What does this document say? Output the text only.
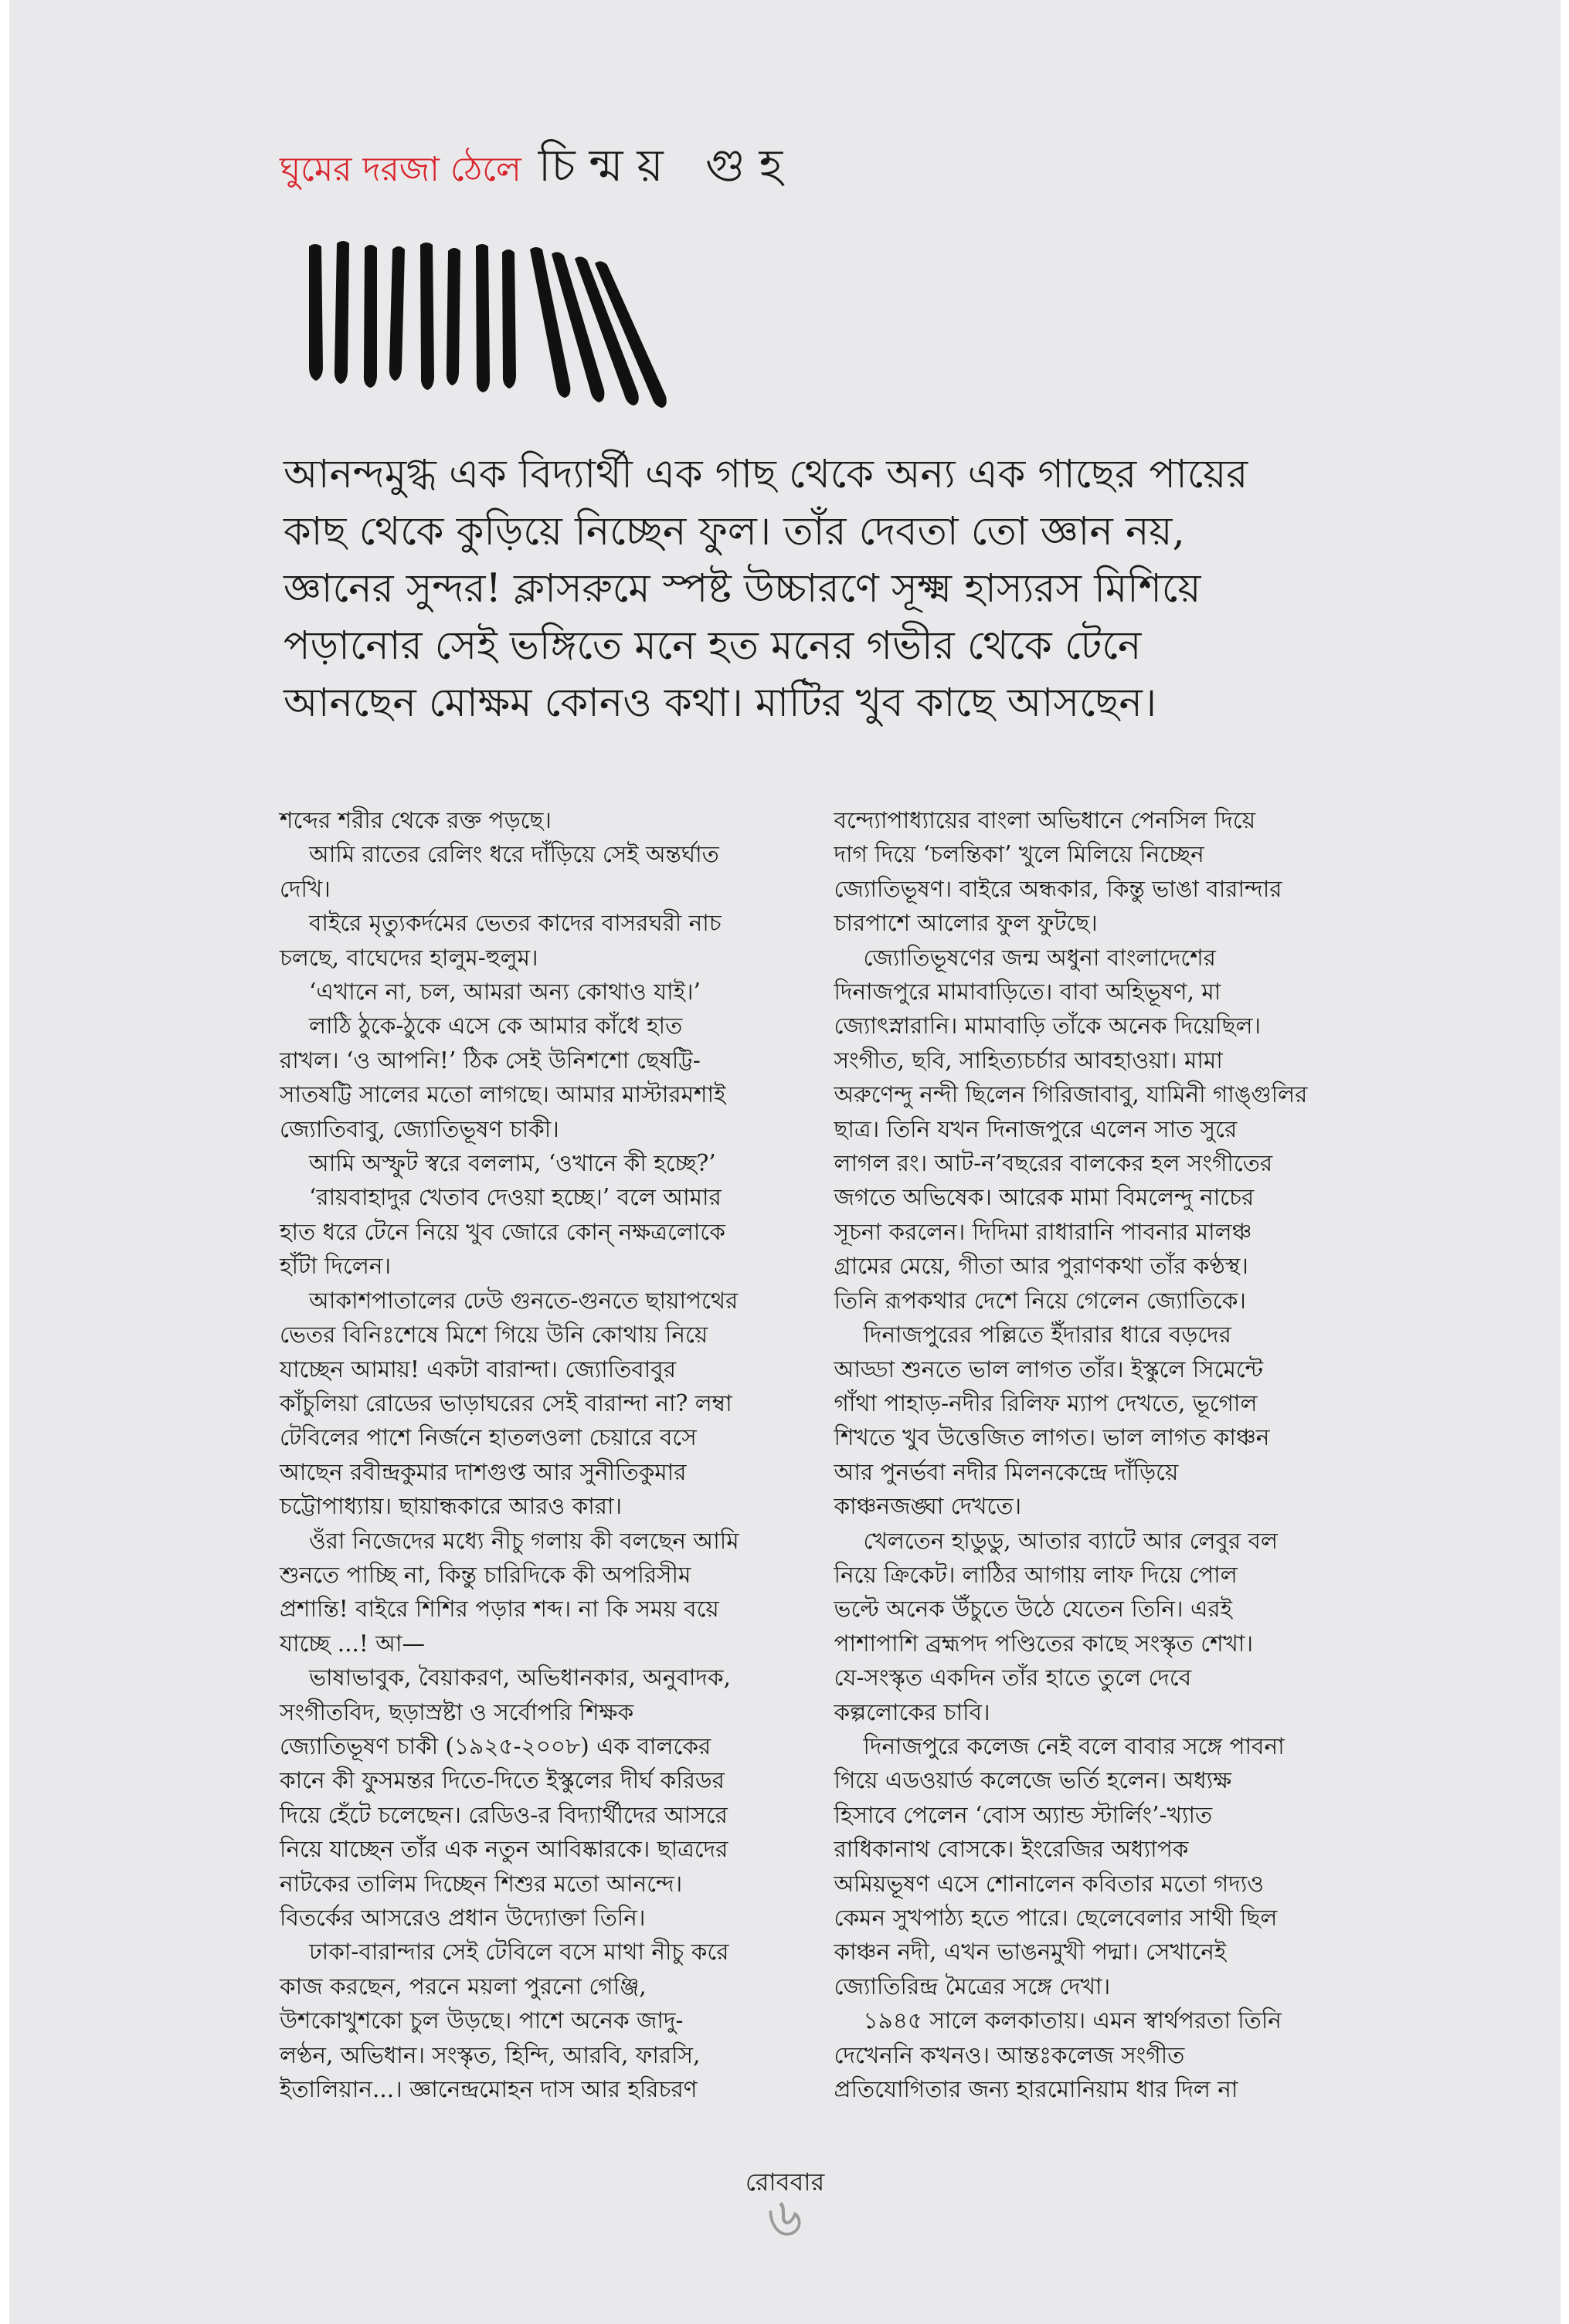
ঘুমের দরজা ঠেলে চিন্ময় গুহ

আনন্দমুগ্ধ এক বিদ্যার্থী এক গাছ থেকে অন্য এক গাছের পায়ের

কাছ থেকে কুড়িয়ে নিচ্ছেন ফুল। তাঁর দেবতা তো জ্ঞান নয়,

জ্ঞানের সুন্দর! ক্লাসরুমে স্পষ্ট উচ্চারণে সূক্ষ্ম হাস্যরস মিশিয়ে

পড়ানোর সেই ভঙ্গিতে মনে হত মনের গভীর থেকে টেনে

আনছেন মোক্ষম কোনও কথা। মাটির খুব কাছে আসছেন।

শব্দের শরীর থেকে রক্ত পড়ছে।

আমি রাতের রেলিং ধরে দাঁড়িয়ে সেই অন্তর্ঘাত

দেখি।

বাইরে মৃত্যুকর্দমের ভেতর কাদের বাসরঘরী নাচ

চলছে, বাঘেদের হালুম-হুলুম।

‘এখানে না, চল, আমরা অন্য কোথাও যাই।’

লাঠি ঠুকে-ঠুকে এসে কে আমার কাঁধে হাত

রাখল। ‘ও আপনি!’ ঠিক সেই উনিশশো ছেষট্টি-

সাতষট্টি সালের মতো লাগছে। আমার মাস্টারমশাই

জ্যোতিবাবু, জ্যোতিভূষণ চাকী।

আমি অস্ফুট স্বরে বললাম, ‘ওখানে কী হচ্ছে?’

‘রায়বাহাদুর খেতাব দেওয়া হচ্ছে।’ বলে আমার

হাত ধরে টেনে নিয়ে খুব জোরে কোন্ নক্ষত্রলোকে

হাঁটা দিলেন।

আকাশপাতালের ঢেউ গুনতে-গুনতে ছায়াপথের

ভেতর বিনিঃশেষে মিশে গিয়ে উনি কোথায় নিয়ে

যাচ্ছেন আমায়! একটা বারান্দা। জ্যোতিবাবুর

কাঁচুলিয়া রোডের ভাড়াঘরের সেই বারান্দা না? লম্বা

টেবিলের পাশে নির্জনে হাতলওলা চেয়ারে বসে

আছেন রবীন্দ্রকুমার দাশগুপ্ত আর সুনীতিকুমার

চট্টোপাধ্যায়। ছায়ান্ধকারে আরও কারা।

ওঁরা নিজেদের মধ্যে নীচু গলায় কী বলছেন আমি

শুনতে পাচ্ছি না, কিন্তু চারিদিকে কী অপরিসীম

প্রশান্তি! বাইরে শিশির পড়ার শব্দ। না কি সময় বয়ে

যাচ্ছে ...! আ—

ভাষাভাবুক, বৈয়াকরণ, অভিধানকার, অনুবাদক,

সংগীতবিদ, ছড়াস্রষ্টা ও সর্বোপরি শিক্ষক

জ্যোতিভূষণ চাকী (১৯২৫-২০০৮) এক বালকের

কানে কী ফুসমন্তর দিতে-দিতে ইস্কুলের দীর্ঘ করিডর

দিয়ে হেঁটে চলেছেন। রেডিও-র বিদ্যার্থীদের আসরে

নিয়ে যাচ্ছেন তাঁর এক নতুন আবিষ্কারকে। ছাত্রদের

নাটকের তালিম দিচ্ছেন শিশুর মতো আনন্দে।

বিতর্কের আসরেও প্রধান উদ্যোক্তা তিনি।

ঢাকা-বারান্দার সেই টেবিলে বসে মাথা নীচু করে

কাজ করছেন, পরনে ময়লা পুরনো গেঞ্জি,

উশকোখুশকো চুল উড়ছে। পাশে অনেক জাদু-

লণ্ঠন, অভিধান। সংস্কৃত, হিন্দি, আরবি, ফারসি,

ইতালিয়ান...। জ্ঞানেন্দ্রমোহন দাস আর হরিচরণ

বন্দ্যোপাধ্যায়ের বাংলা অভিধানে পেনসিল দিয়ে

দাগ দিয়ে ‘চলন্তিকা’ খুলে মিলিয়ে নিচ্ছেন

জ্যোতিভূষণ। বাইরে অন্ধকার, কিন্তু ভাঙা বারান্দার

চারপাশে আলোর ফুল ফুটছে।

জ্যোতিভূষণের জন্ম অধুনা বাংলাদেশের

দিনাজপুরে মামাবাড়িতে। বাবা অহিভূষণ, মা

জ্যোৎস্নারানি। মামাবাড়ি তাঁকে অনেক দিয়েছিল।

সংগীত, ছবি, সাহিত্যচর্চার আবহাওয়া। মামা

অরুণেন্দু নন্দী ছিলেন গিরিজাবাবু, যামিনী গাঙ্গুলির

ছাত্র। তিনি যখন দিনাজপুরে এলেন সাত সুরে

লাগল রং। আট-ন’বছরের বালকের হল সংগীতের

জগতে অভিষেক। আরেক মামা বিমলেন্দু নাচের

সূচনা করলেন। দিদিমা রাধারানি পাবনার মালঞ্চ

গ্রামের মেয়ে, গীতা আর পুরাণকথা তাঁর কণ্ঠস্থ।

তিনি রূপকথার দেশে নিয়ে গেলেন জ্যোতিকে।

দিনাজপুরের পল্লিতে ইঁদারার ধারে বড়দের

আড্ডা শুনতে ভাল লাগত তাঁর। ইস্কুলে সিমেন্টে

গাঁথা পাহাড়-নদীর রিলিফ ম্যাপ দেখতে, ভূগোল

শিখতে খুব উত্তেজিত লাগত। ভাল লাগত কাঞ্চন

আর পুনর্ভবা নদীর মিলনকেন্দ্রে দাঁড়িয়ে

কাঞ্চনজঙ্ঘা দেখতে।

খেলতেন হাডুডু, আতার ব্যাটে আর লেবুর বল

নিয়ে ক্রিকেট। লাঠির আগায় লাফ দিয়ে পোল

ভল্টে অনেক উঁচুতে উঠে যেতেন তিনি। এরই

পাশাপাশি ব্রহ্মপদ পণ্ডিতের কাছে সংস্কৃত শেখা।

যে-সংস্কৃত একদিন তাঁর হাতে তুলে দেবে

কল্পলোকের চাবি।

দিনাজপুরে কলেজ নেই বলে বাবার সঙ্গে পাবনা

গিয়ে এডওয়ার্ড কলেজে ভর্তি হলেন। অধ্যক্ষ

হিসাবে পেলেন ‘বোস অ্যান্ড স্টার্লিং’-খ্যাত

রাধিকানাথ বোসকে। ইংরেজির অধ্যাপক

অমিয়ভূষণ এসে শোনালেন কবিতার মতো গদ্যও

কেমন সুখপাঠ্য হতে পারে। ছেলেবেলার সাথী ছিল

কাঞ্চন নদী, এখন ভাঙনমুখী পদ্মা। সেখানেই

জ্যোতিরিন্দ্র মৈত্রের সঙ্গে দেখা।

১৯৪৫ সালে কলকাতায়। এমন স্বার্থপরতা তিনি

দেখেননি কখনও। আন্তঃকলেজ সংগীত

প্রতিযোগিতার জন্য হারমোনিয়াম ধার দিল না

রোববার
৬
